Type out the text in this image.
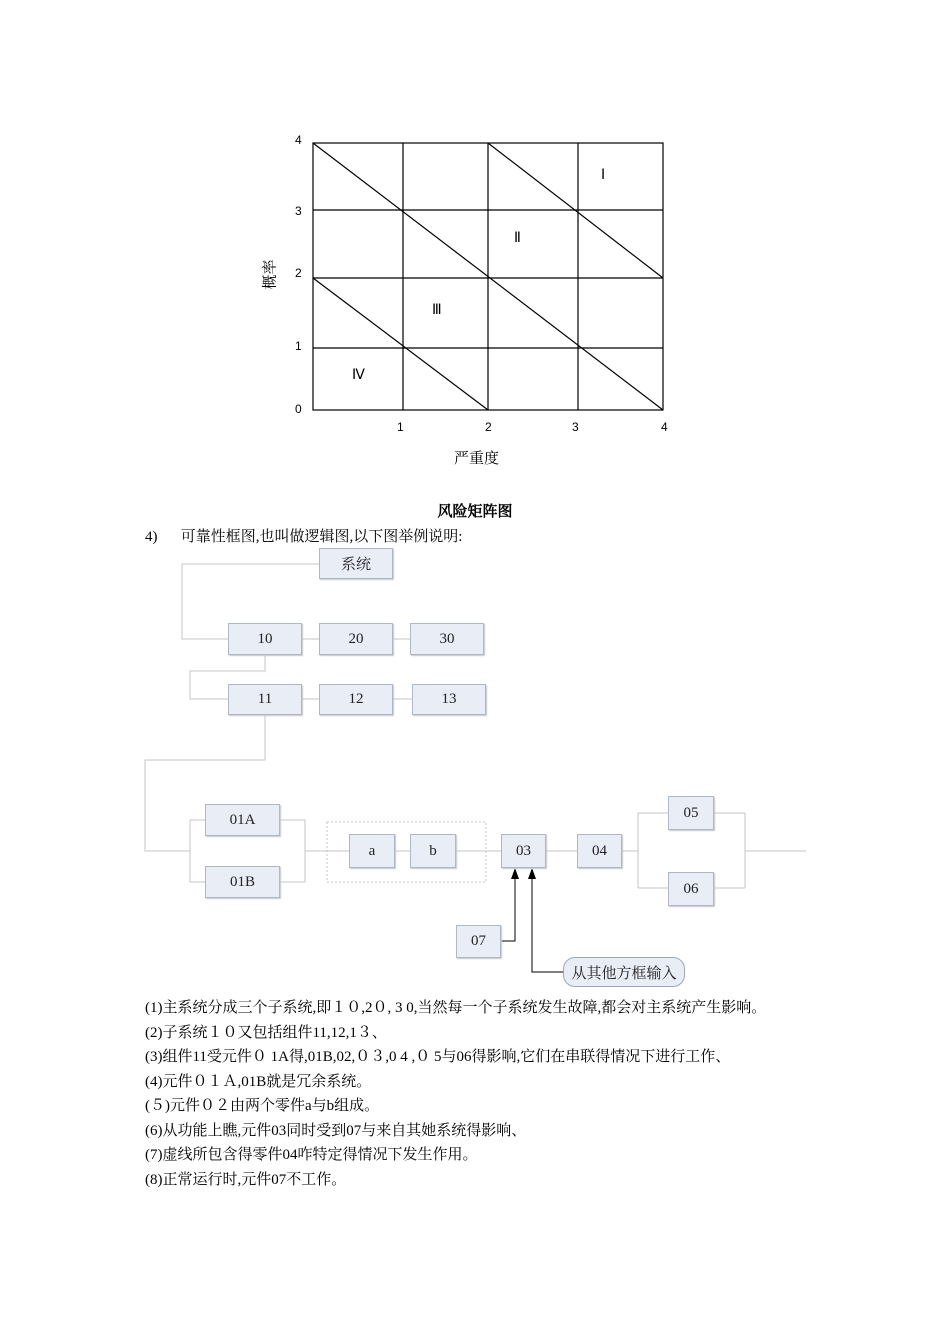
0
1
2
3
4
1	2	3	4
Ⅰ
Ⅱ
Ⅲ
Ⅳ
概率
严重度
风险矩阵图
4) 可靠性框图,也叫做逻辑图,以下图举例说明:
系统
10	20	30
11	12	13
01A
01B
a	b	03	04
05
06
07
从其他方框输入

(1)主系统分成三个子系统,即１０,2０, 3 0,当然每一个子系统发生故障,都会对主系统产生影响。

(2)子系统１０又包括组件11,12,1３、

(3)组件11受元件０ 1A得,01B,02,０３,0 4 ,０ 5与06得影响,它们在串联得情况下进行工作、

(4)元件０１Ａ,01B就是冗余系统。

(５)元件０２由两个零件a与b组成。

(6)从功能上瞧,元件03同时受到07与来自其她系统得影响、

(7)虚线所包含得零件04咋特定得情况下发生作用。

(8)正常运行时,元件07不工作。
